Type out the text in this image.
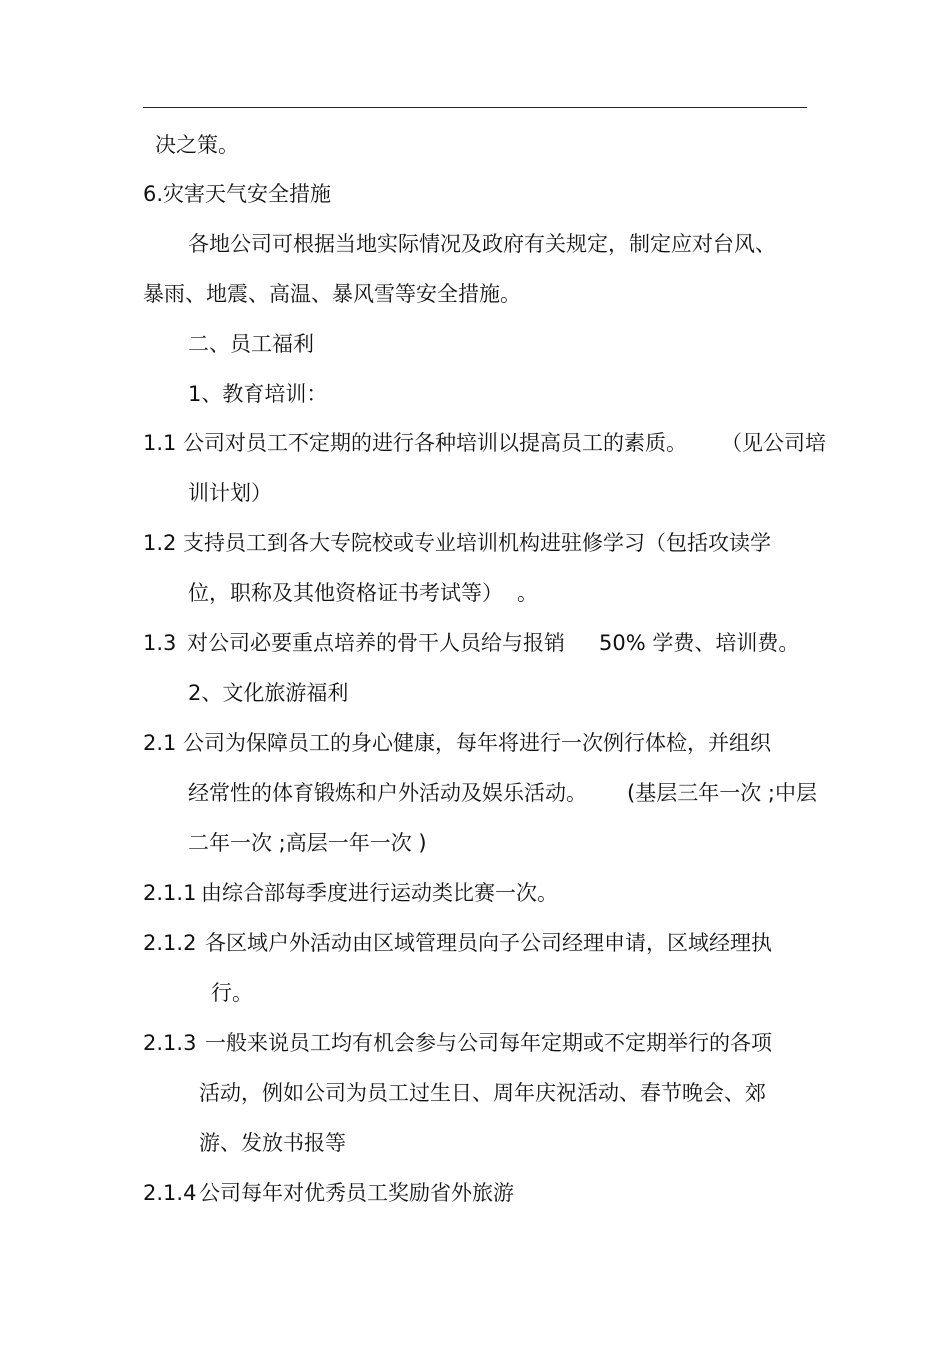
决之策。
6.灾害天气安全措施
各地公司可根据当地实际情况及政府有关规定，制定应对台风、
暴雨、地震、高温、暴风雪等安全措施。
二、员工福利
1、教育培训：
1.1 公司对员工不定期的进行各种培训以提高员工的素质。 （见公司培
训计划）
1.2 支持员工到各大专院校或专业培训机构进驻修学习（包括攻读学
位，职称及其他资格证书考试等） 。
1.3 对公司必要重点培养的骨干人员给与报销 50% 学费、培训费。
2、文化旅游福利
2.1 公司为保障员工的身心健康，每年将进行一次例行体检，并组织
经常性的体育锻炼和户外活动及娱乐活动。 (基层三年一次 ;中层
二年一次 ;高层一年一次 )
2.1.1 由综合部每季度进行运动类比赛一次。
2.1.2 各区域户外活动由区域管理员向子公司经理申请，区域经理执
行。
2.1.3 一般来说员工均有机会参与公司每年定期或不定期举行的各项
活动，例如公司为员工过生日、周年庆祝活动、春节晚会、郊
游、发放书报等
2.1.4 公司每年对优秀员工奖励省外旅游
